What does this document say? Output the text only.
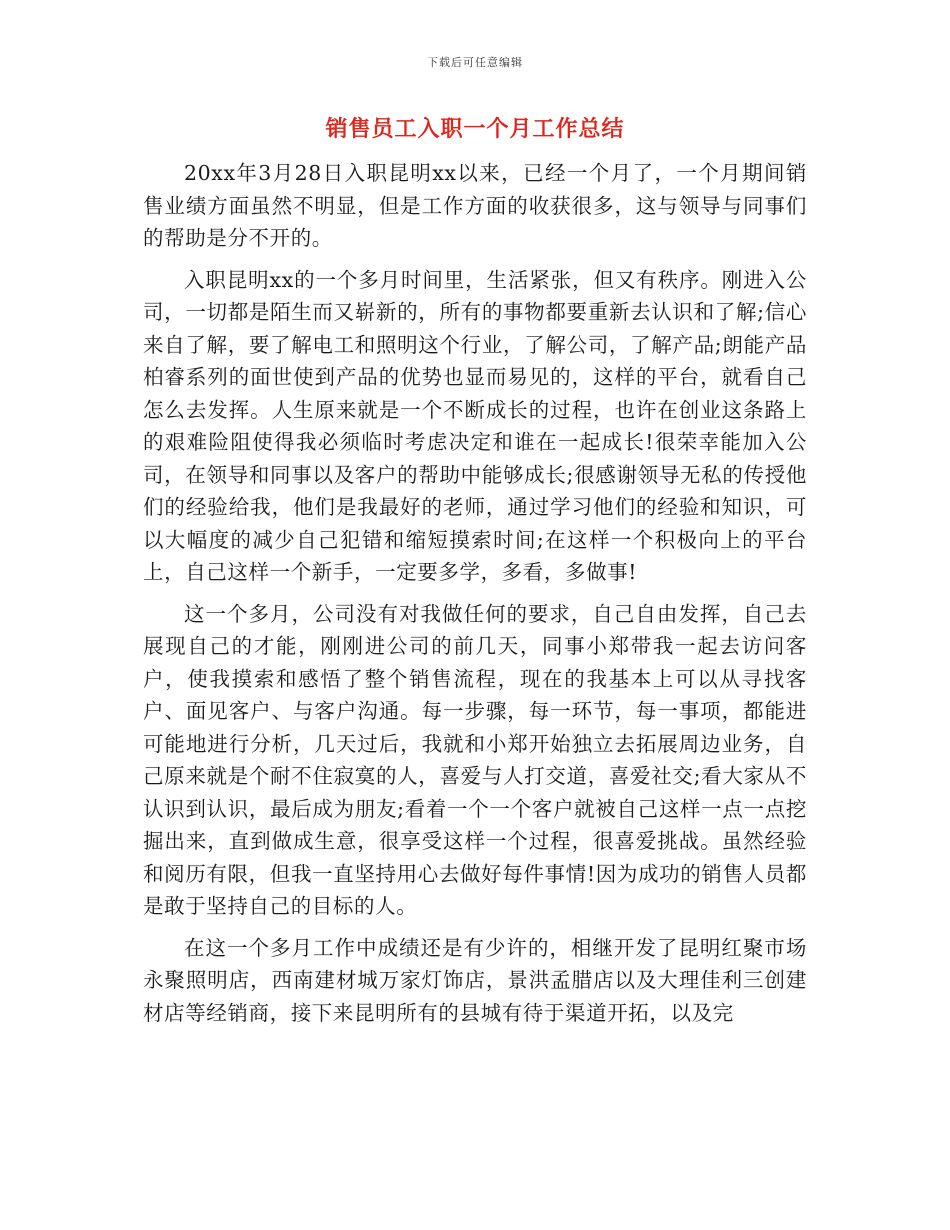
下载后可任意编辑
销售员工入职一个月工作总结

20xx年3月28日入职昆明xx以来，已经一个月了，一个月期间销售业绩方面虽然不明显，但是工作方面的收获很多，这与领导与同事们的帮助是分不开的。

入职昆明xx的一个多月时间里，生活紧张，但又有秩序。刚进入公司，一切都是陌生而又崭新的，所有的事物都要重新去认识和了解;信心来自了解，要了解电工和照明这个行业，了解公司，了解产品;朗能产品柏睿系列的面世使到产品的优势也显而易见的，这样的平台，就看自己怎么去发挥。人生原来就是一个不断成长的过程，也许在创业这条路上的艰难险阻使得我必须临时考虑决定和谁在一起成长!很荣幸能加入公司，在领导和同事以及客户的帮助中能够成长;很感谢领导无私的传授他们的经验给我，他们是我最好的老师，通过学习他们的经验和知识，可以大幅度的减少自己犯错和缩短摸索时间;在这样一个积极向上的平台上，自己这样一个新手，一定要多学，多看，多做事!

这一个多月，公司没有对我做任何的要求，自己自由发挥，自己去展现自己的才能，刚刚进公司的前几天，同事小郑带我一起去访问客户，使我摸索和感悟了整个销售流程，现在的我基本上可以从寻找客户、面见客户、与客户沟通。每一步骤，每一环节，每一事项，都能进可能地进行分析，几天过后，我就和小郑开始独立去拓展周边业务，自己原来就是个耐不住寂寞的人，喜爱与人打交道，喜爱社交;看大家从不认识到认识，最后成为朋友;看着一个一个客户就被自己这样一点一点挖掘出来，直到做成生意，很享受这样一个过程，很喜爱挑战。虽然经验和阅历有限，但我一直坚持用心去做好每件事情!因为成功的销售人员都是敢于坚持自己的目标的人。

在这一个多月工作中成绩还是有少许的，相继开发了昆明红聚市场永聚照明店，西南建材城万家灯饰店，景洪孟腊店以及大理佳利三创建材店等经销商，接下来昆明所有的县城有待于渠道开拓，以及完
